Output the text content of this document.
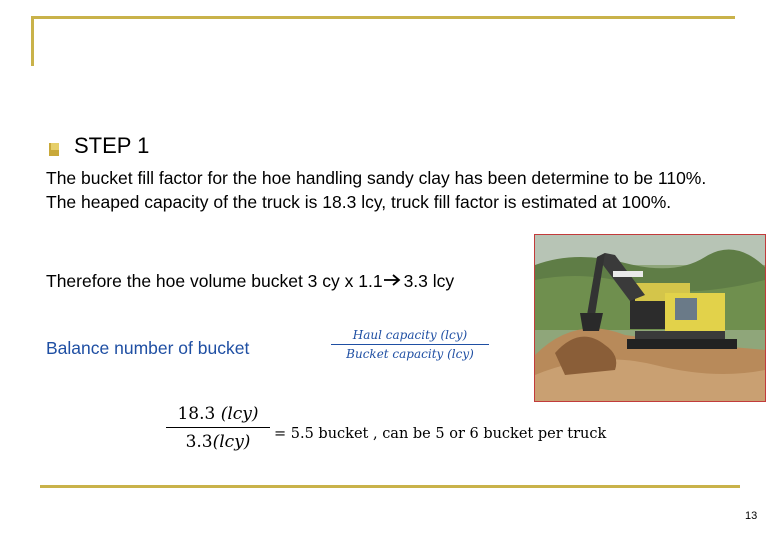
STEP 1
The bucket fill factor for the hoe handling sandy clay has been determine to be 110%. The heaped capacity of the truck is 18.3 lcy, truck fill factor is estimated at 100%.
Therefore the hoe volume bucket 3 cy x 1.1 3.3 lcy
Balance number of bucket
Haul capacity (lcy)
Bucket capacity (lcy)
18.3 (lcy)
3.3(lcy)	= 5.5 bucket , can be 5 or 6 bucket per truck
13
